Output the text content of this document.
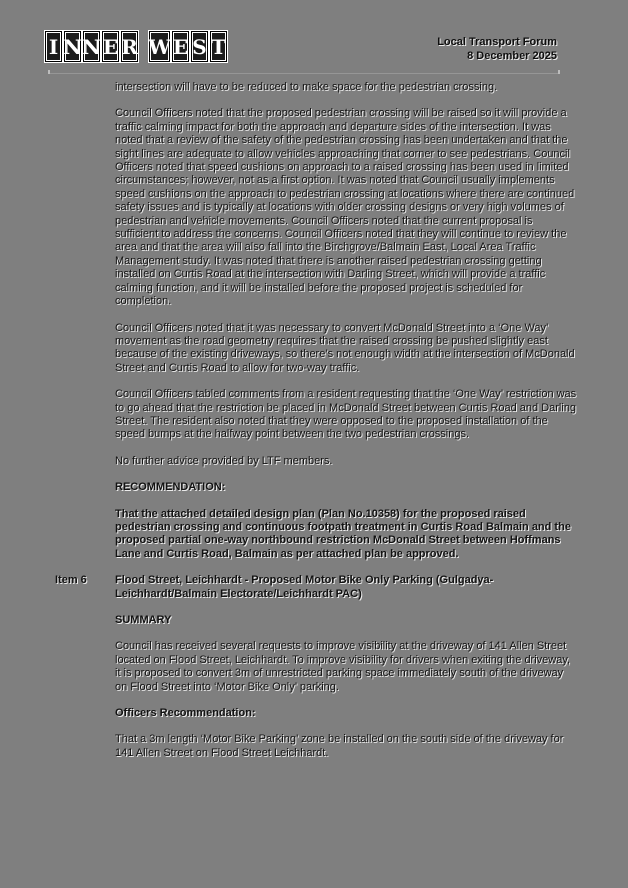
I N N E R W E S T	Local Transport Forum
8 December 2025

intersection will have to be reduced to make space for the pedestrian crossing.

Council Officers noted that the proposed pedestrian crossing will be raised so it will provide a traffic calming impact for both the approach and departure sides of the intersection. It was noted that a review of the safety of the pedestrian crossing has been undertaken and that the sight lines are adequate to allow vehicles approaching that corner to see pedestrians. Council Officers noted that speed cushions on approach to a raised crossing has been used in limited circumstances; however, not as a first option. It was noted that Council usually implements speed cushions on the approach to pedestrian crossing at locations where there are continued safety issues and is typically at locations with older crossing designs or very high volumes of pedestrian and vehicle movements. Council Officers noted that the current proposal is sufficient to address the concerns. Council Officers noted that they will continue to review the area and that the area will also fall into the Birchgrove/Balmain East, Local Area Traffic Management study. It was noted that there is another raised pedestrian crossing getting installed on Curtis Road at the intersection with Darling Street, which will provide a traffic calming function, and it will be installed before the proposed project is scheduled for completion.

Council Officers noted that it was necessary to convert McDonald Street into a ‘One Way’ movement as the road geometry requires that the raised crossing be pushed slightly east because of the existing driveways, so there’s not enough width at the intersection of McDonald Street and Curtis Road to allow for two-way traffic.

Council Officers tabled comments from a resident requesting that the ‘One Way’ restriction was to go ahead that the restriction be placed in McDonald Street between Curtis Road and Darling Street. The resident also noted that they were opposed to the proposed installation of the speed bumps at the halfway point between the two pedestrian crossings.

No further advice provided by LTF members.

RECOMMENDATION:

That the attached detailed design plan (Plan No.10358) for the proposed raised pedestrian crossing and continuous footpath treatment in Curtis Road Balmain and the proposed partial one-way northbound restriction McDonald Street between Hoffmans Lane and Curtis Road, Balmain as per attached plan be approved.

Item 6	Flood Street, Leichhardt - Proposed Motor Bike Only Parking (Gulgadya-Leichhardt/Balmain Electorate/Leichhardt PAC)

SUMMARY

Council has received several requests to improve visibility at the driveway of 141 Allen Street located on Flood Street, Leichhardt. To improve visibility for drivers when exiting the driveway, it is proposed to convert 3m of unrestricted parking space immediately south of the driveway on Flood Street into ‘Motor Bike Only’ parking.

Officers Recommendation:

That a 3m length ‘Motor Bike Parking’ zone be installed on the south side of the driveway for 141 Allen Street on Flood Street Leichhardt.
